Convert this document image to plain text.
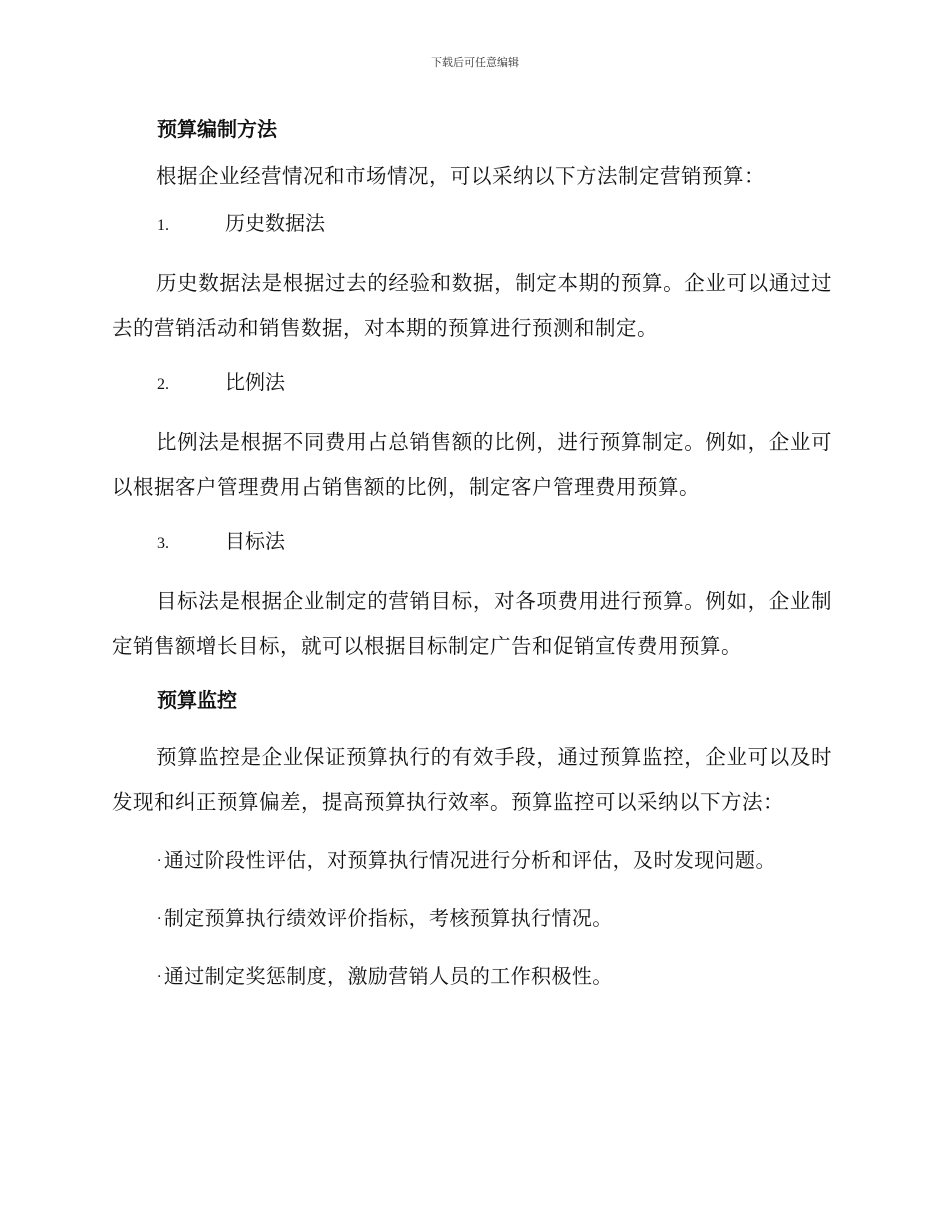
下载后可任意编辑
预算编制方法

根据企业经营情况和市场情况，可以采纳以下方法制定营销预算：

1.	历史数据法

历史数据法是根据过去的经验和数据，制定本期的预算。企业可以通过过去的营销活动和销售数据，对本期的预算进行预测和制定。

2.	比例法

比例法是根据不同费用占总销售额的比例，进行预算制定。例如，企业可以根据客户管理费用占销售额的比例，制定客户管理费用预算。

3.	目标法

目标法是根据企业制定的营销目标，对各项费用进行预算。例如，企业制定销售额增长目标，就可以根据目标制定广告和促销宣传费用预算。

预算监控

预算监控是企业保证预算执行的有效手段，通过预算监控，企业可以及时发现和纠正预算偏差，提高预算执行效率。预算监控可以采纳以下方法：

· 通过阶段性评估，对预算执行情况进行分析和评估，及时发现问题。

· 制定预算执行绩效评价指标，考核预算执行情况。

· 通过制定奖惩制度，激励营销人员的工作积极性。
